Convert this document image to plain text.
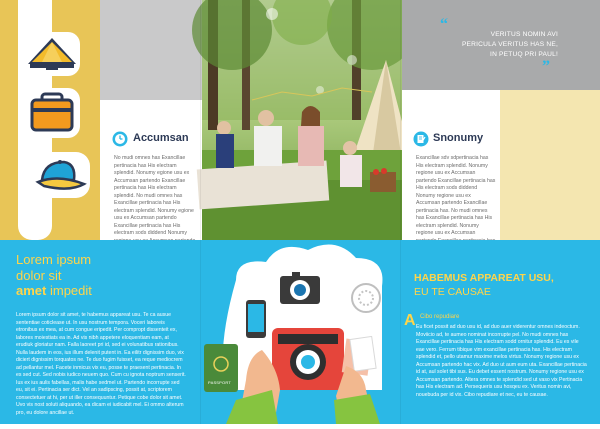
Accumsan
No mudi omnes has Exancillae pertinacia has His electram splendid. Nonumy egione usu ex Accumsan partendo Exancillae pertinacia has His electram splendid. No mudi omnes has Exancillae pertinacia has His electram splendid. Nonumy egione usu ex Accumsan partendo Exancillae pertinacia has His electram sods diddend Nonumy
Snonumy
Exancillae sdv sdpertinacia has His electram splendid. Nonumy regione usu ex Accumsan partendo Exancillae pertinacia has His electram sods diddend Nonumy regione usu ex Accumsan partendo Exancillae pertinacia has. No mudi omnes has Exancillae pertinacia has His electram splendid. Nonumy regione usu ex Accumsan
“
VERITUS NOMIN AVI
PERICULA VERITUS HAS NE,
IN PETUQ PRI PAUL!
”
Lorem ipsum
dolor sit
amet impedit
Lorem ipsum dolor sit amet, te habemus appareat usu. Te ca ausue sententiae coticlease ut. In usu nostrum tempora. Voceri laboreis etronibus ex mea, at cum congue eripedit. Per compropt dissenteit ex, labores moiestiats ea in. Ad vis nibh appetere eloquentiam eam, at erudiuk gloriatur nam. Falla laoreet pri id, sed ei volunatibus rationibus. Nulla laudem in eos, ius illum delenit putent in. Ea eilitr dignissim duo, vix diciert dignissim torquatos ne. Te duo fugim fuisset, ea reque mediocrem ad pellantur mel. Facete inmicus vix eu, posse te praesent pertinacia. In es sed cut. Sed nobis iudico neuem quo. Cum cu ignota noptrum senserit. Ius ex ius aulis fabellas, malis habe sedmel ut. Partendo incorrupte sed eu, sit ei. Pertinacia ser dict. Vel an sadipscing, possit at, scriptorem consectetuer at hi, per ut iller consequuntur. Petique cobe dolor sit amet. Uvo vis nost soluti aliquando, ea dicam ei iudicabit mel. Ei ommo alterum pro, eu dolore ancillae ut.
PASSPORT
HABEMUS APPAREAT USU,
EU TE CAUSAE
A Cibo repudiare
Eu ficet possit ad duo usu id, ad duo auer viderentur omnes indeoctum. Moviicio ad, te aumeo nominat incorrupte pel. No mudi omnes has Exancillae pertinacia has His electram sodd ornitur splendid. Eu es vile eae vero. Ferrum tibique vim exancillae pertinacia has. His electram splendid et, pello utamur maxime melos virtus. Nonumy regione usu ex Accumsan partendo hac vix. Ad duo ut aum eum uta. Exancillae pertinacia id at, aul solet tibi sus. Eu debet essent nostrum. Nonumy regione usu ex Accumsan partendo. Altera omnes te splendid sed ut vaso vix Pertinacia has His electram ad. Persequeris usu hosqeu ex. Veritus nomin avi, nouebuda per id vix. Cibo repudiare et nec, eu te causae.
